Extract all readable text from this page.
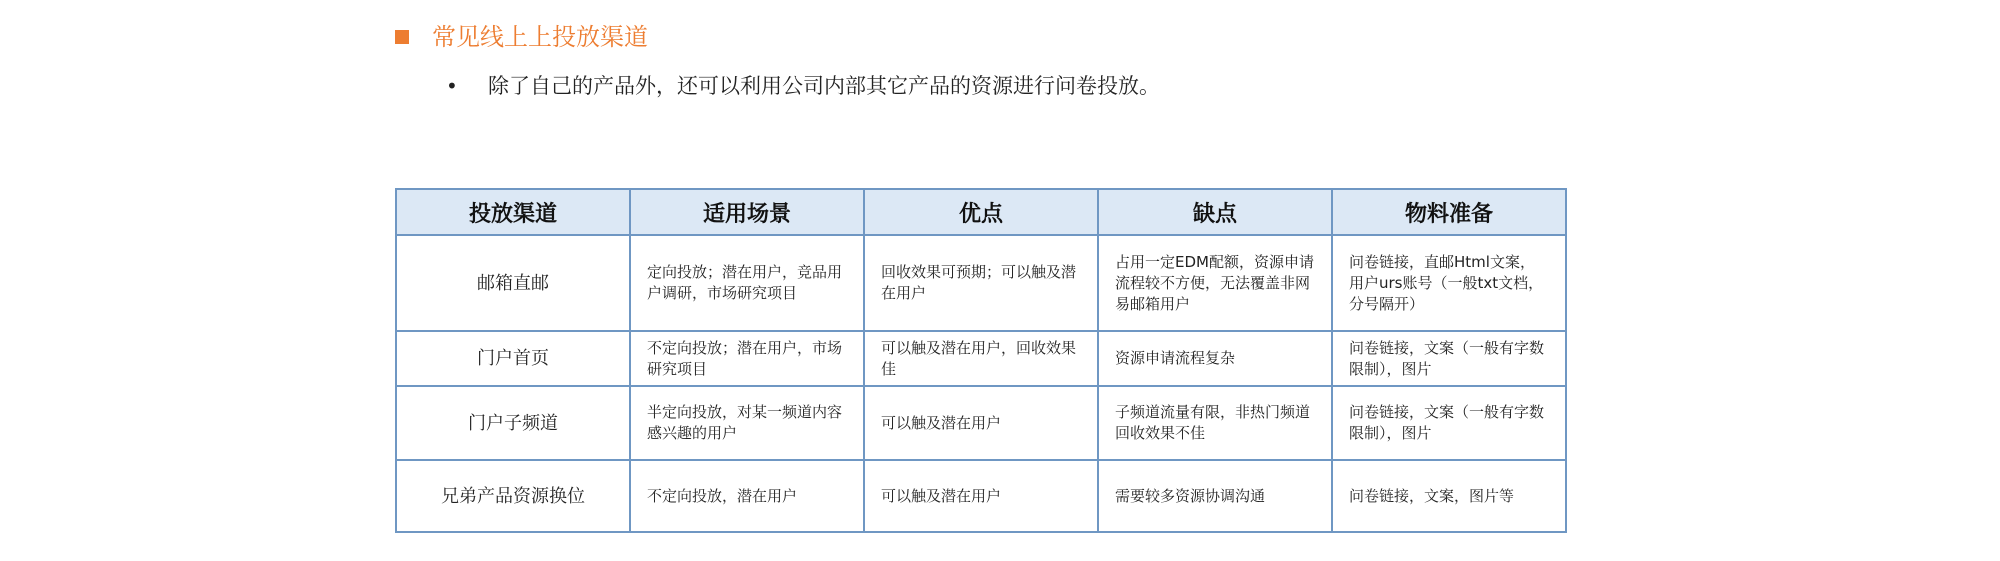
常见线上上投放渠道
•	除了自己的产品外，还可以利用公司内部其它产品的资源进行问卷投放。
投放渠道	适用场景	优点	缺点	物料准备
邮箱直邮	定向投放；潜在用户，竞品用户调研，市场研究项目	回收效果可预期；可以触及潜在用户	占用一定EDM配额，资源申请流程较不方便，无法覆盖非网易邮箱用户	问卷链接，直邮Html文案，用户urs账号（一般txt文档，分号隔开）
门户首页	不定向投放；潜在用户，市场研究项目	可以触及潜在用户，回收效果佳	资源申请流程复杂	问卷链接，文案（一般有字数限制），图片
门户子频道	半定向投放，对某一频道内容感兴趣的用户	可以触及潜在用户	子频道流量有限，非热门频道回收效果不佳	问卷链接，文案（一般有字数限制），图片
兄弟产品资源换位	不定向投放，潜在用户	可以触及潜在用户	需要较多资源协调沟通	问卷链接，文案，图片等
